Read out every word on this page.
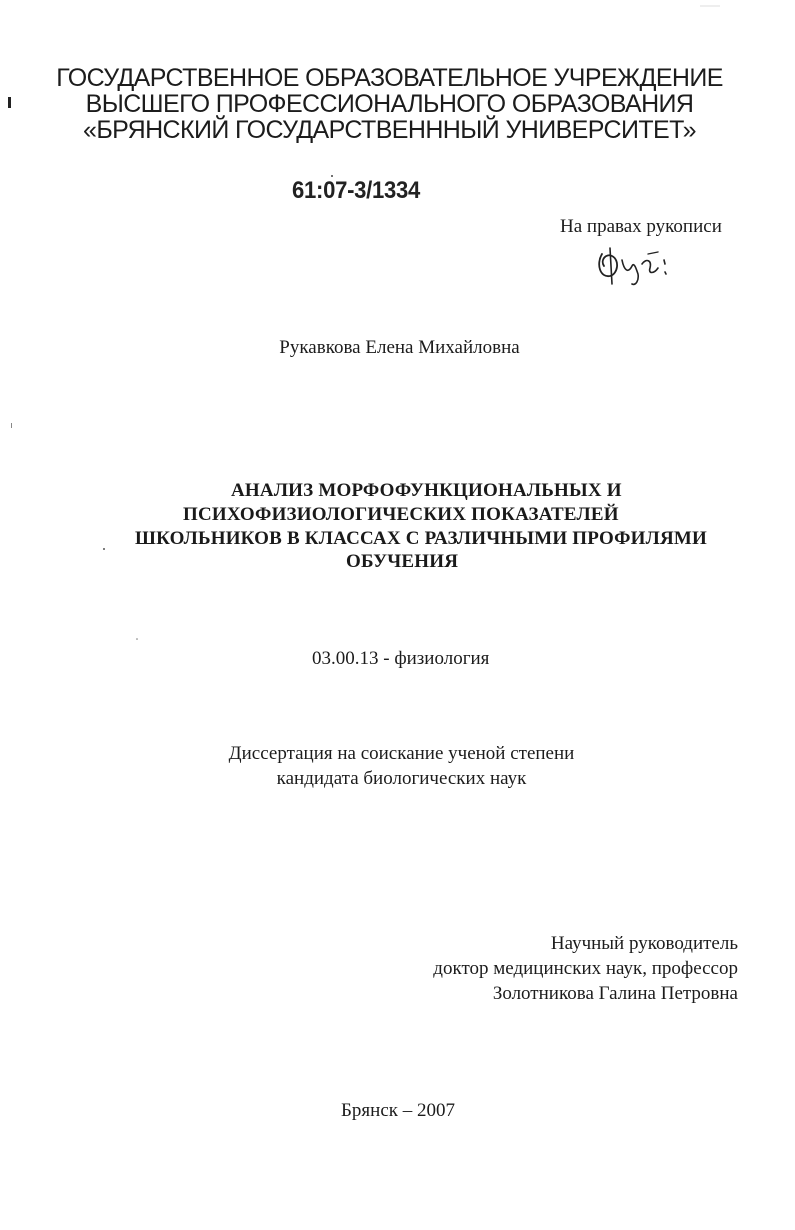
ГОСУДАРСТВЕННОЕ ОБРАЗОВАТЕЛЬНОЕ УЧРЕЖДЕНИЕ
ВЫСШЕГО ПРОФЕССИОНАЛЬНОГО ОБРАЗОВАНИЯ
«БРЯНСКИЙ ГОСУДАРСТВЕНННЫЙ УНИВЕРСИТЕТ»
61:07-3/1334
На правах рукописи
Рукавкова Елена Михайловна
АНАЛИЗ МОРФОФУНКЦИОНАЛЬНЫХ И
ПСИХОФИЗИОЛОГИЧЕСКИХ ПОКАЗАТЕЛЕЙ
ШКОЛЬНИКОВ В КЛАССАХ С РАЗЛИЧНЫМИ ПРОФИЛЯМИ
ОБУЧЕНИЯ
03.00.13 - физиология
Диссертация на соискание ученой степени
кандидата биологических наук
Научный руководитель
доктор медицинских наук, профессор
Золотникова Галина Петровна
Брянск – 2007
